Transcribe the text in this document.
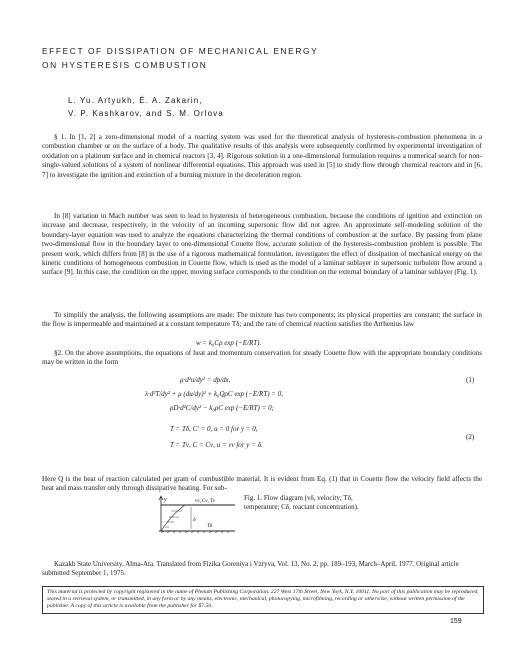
EFFECT OF DISSIPATION OF MECHANICAL ENERGY
ON HYSTERESIS COMBUSTION
L. Yu. Artyukh, É. A. Zakarin,
V. P. Kashkarov, and S. M. Orlova

§ 1. In [1, 2] a zero-dimensional model of a reacting system was used for the theoretical analysis of hysteresis-combustion phenomena in a combustion chamber or on the surface of a body. The qualitative results of this analysis were subsequently confirmed by experimental investigation of oxidation on a platinum surface and in chemical reactors [3, 4]. Rigorous solution in a one-dimensional formulation requires a numerical search for non-single-valued solutions of a system of nonlinear differential equations. This approach was used in [5] to study flow through chemical reactors and in [6, 7] to investigate the ignition and extinction of a burning mixture in the deceleration region.

In [8] variation in Mach number was seen to lead to hysteresis of heterogeneous combustion, because the conditions of ignition and extinction on increase and decrease, respectively, in the velocity of an incoming supersonic flow did not agree. An approximate self-modeling solution of the boundary-layer equation was used to analyze the equations characterizing the thermal conditions of combustion at the surface. By passing from plane two-dimensional flow in the boundary layer to one-dimensional Couette flow, accurate solution of the hysteresis-combustion problem is possible. The present work, which differs from [8] in the use of a rigorous mathematical formulation, investigates the effect of dissipation of mechanical energy on the kinetic conditions of homogeneous combustion in Couette flow, which is used as the model of a laminar sublayer in supersonic turbulent flow around a surface [9]. In this case, the condition on the upper, moving surface corresponds to the condition on the external boundary of a laminar sublayer (Fig. 1).

To simplify the analysis, the following assumptions are made: The mixture has two components; its physical properties are constant; the surface in the flow is impermeable and maintained at a constant temperature Tδ; and the rate of chemical reaction satisfies the Arrhenius law

w = k₀Cρ exp (−E/RT).

§2. On the above assumptions, the equations of heat and momentum conservation for steady Couette flow with the appropriate boundary conditions may be written in the form

μ·d²u/dy² = dp/dx,	(1)
λ·d²T/dy² + μ (du/dy)² + k₀QρC exp (−E/RT) = 0,
ρD·d²C/dy² − k₀ρC exp (−E/RT) = 0;
T = Tδ, C′ = 0, u = 0 for y = 0,
(2)
T = Tν, C = Cν, u = vν for y = δ.

Here Q is the heat of reaction calculated per gram of combustible material. It is evident from Eq. (1) that in Couette flow the velocity field affects the heat and mass transfer only through dissipative heating. For sub-

y	vν, Cν, Tν
δ
Tδ
Fig. 1. Flow diagram (vδ, velocity; Tδ, temperature; Cδ, reactant concentration).

Kazakh State University, Alma-Ata. Translated from Fizika Goreniya i Vzryva, Vol. 13, No. 2, pp. 189–193, March–April, 1977. Original article submitted September 1, 1975.

This material is protected by copyright registered in the name of Plenum Publishing Corporation, 227 West 17th Street, New York, N.Y. 10011. No part of this publication may be reproduced, stored in a retrieval system, or transmitted, in any form or by any means, electronic, mechanical, photocopying, microfilming, recording or otherwise, without written permission of the publisher. A copy of this article is available from the publisher for $7.50.
159
